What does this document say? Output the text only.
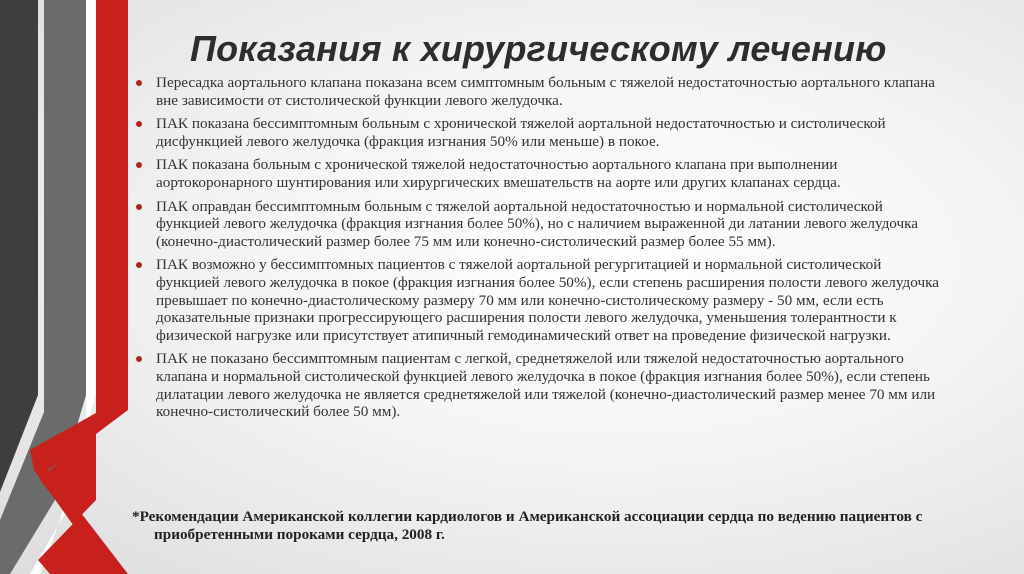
Показания к хирургическому лечению
Пересадка аортального клапана показана всем симптомным больным с тяжелой недостаточностью аортального клапана вне зависимости от систолической функции левого желудочка.
ПАК показана бессимптомным больным с хронической тяжелой аортальной недостаточностью и систолической дисфункцией левого желудочка (фракция изгнания 50% или меньше) в покое.
ПАК показана больным с хронической тяжелой недостаточностью аортального клапана при выполнении аортокоронарного шунтирования или хирургических вмешательств на аорте или других клапанах сердца.
ПАК оправдан бессимптомным больным с тяжелой аортальной недостаточностью и нормальной систолической функцией левого желудочка (фракция изгнания более 50%), но с наличием выраженной ди латании левого желудочка (конечно-диастолический размер более 75 мм или конечно-систолический размер более 55 мм).
ПАК возможно у бессимптомных пациентов с тяжелой аортальной регургитацией и нормальной систолической функцией левого желудочка в покое (фракция изгнания более 50%), если степень расширения полости левого желудочка превышает по конечно-диастолическому размеру 70 мм или конечно-систолическому размеру - 50 мм, если есть доказательные признаки прогрессирующего расширения полости левого желудочка, уменьшения толерантности к физической нагрузке или присутствует атипичный гемодинамический ответ на проведение физической нагрузки.
ПАК не показано бессимптомным пациентам с легкой, среднетяжелой или тяжелой недостаточностью аортального клапана и нормальной систолической функцией левого желудочка в покое (фракция изгнания более 50%), если степень дилатации левого желудочка не является среднетяжелой или тяжелой (конечно-диастолический размер менее 70 мм или конечно-систолический более 50 мм).
*Рекомендации Американской коллегии кардиологов и Американской ассоциации сердца по ведению пациентов с приобретенными пороками сердца, 2008 г.
